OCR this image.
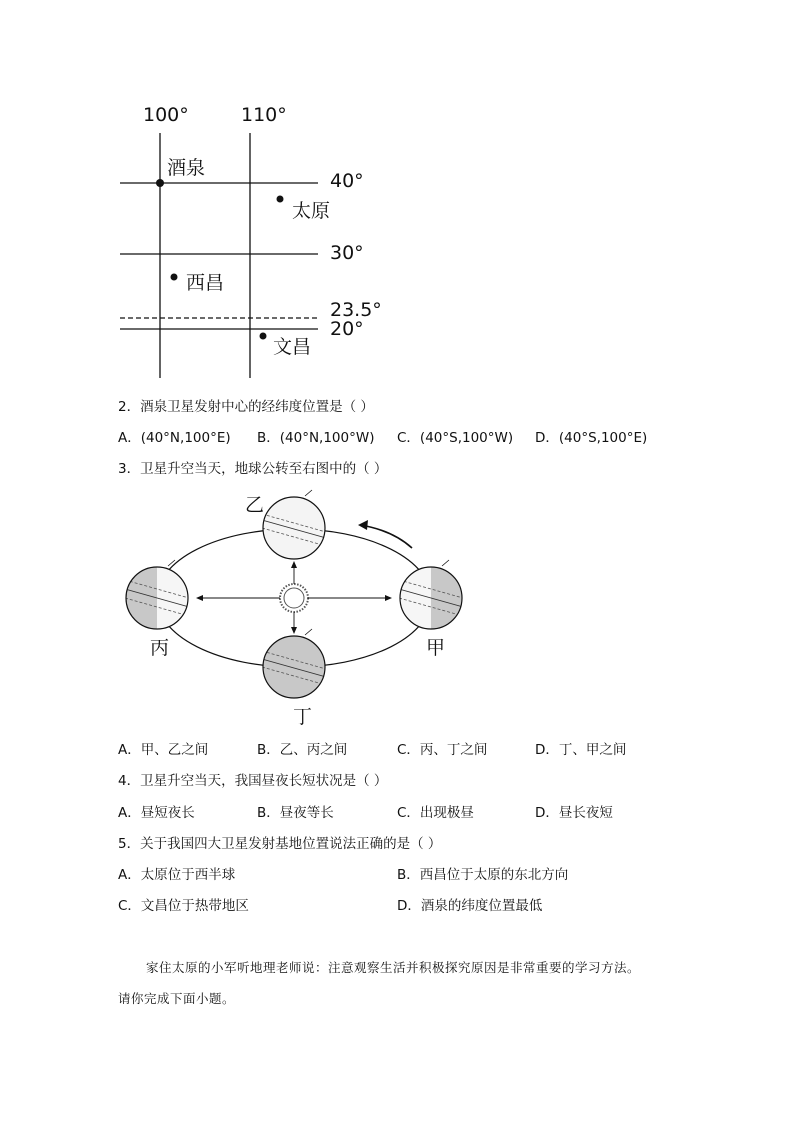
100°	110°
40°
30°
23.5°
20°
酒泉
太原
西昌
文昌
2．酒泉卫星发射中心的经纬度位置是（ ）
A．(40°N,100°E) B．(40°N,100°W) C．(40°S,100°W) D．(40°S,100°E)
3．卫星升空当天，地球公转至右图中的（ ）
乙
丙	甲
丁
A．甲、乙之间	B．乙、丙之间	C．丙、丁之间	D．丁、甲之间
4．卫星升空当天，我国昼夜长短状况是（ ）
A．昼短夜长	B．昼夜等长	C．出现极昼	D．昼长夜短
5．关于我国四大卫星发射基地位置说法正确的是（ ）
A．太原位于西半球	B．西昌位于太原的东北方向
C．文昌位于热带地区	D．酒泉的纬度位置最低
家住太原的小军听地理老师说：注意观察生活并积极探究原因是非常重要的学习方法。
请你完成下面小题。
